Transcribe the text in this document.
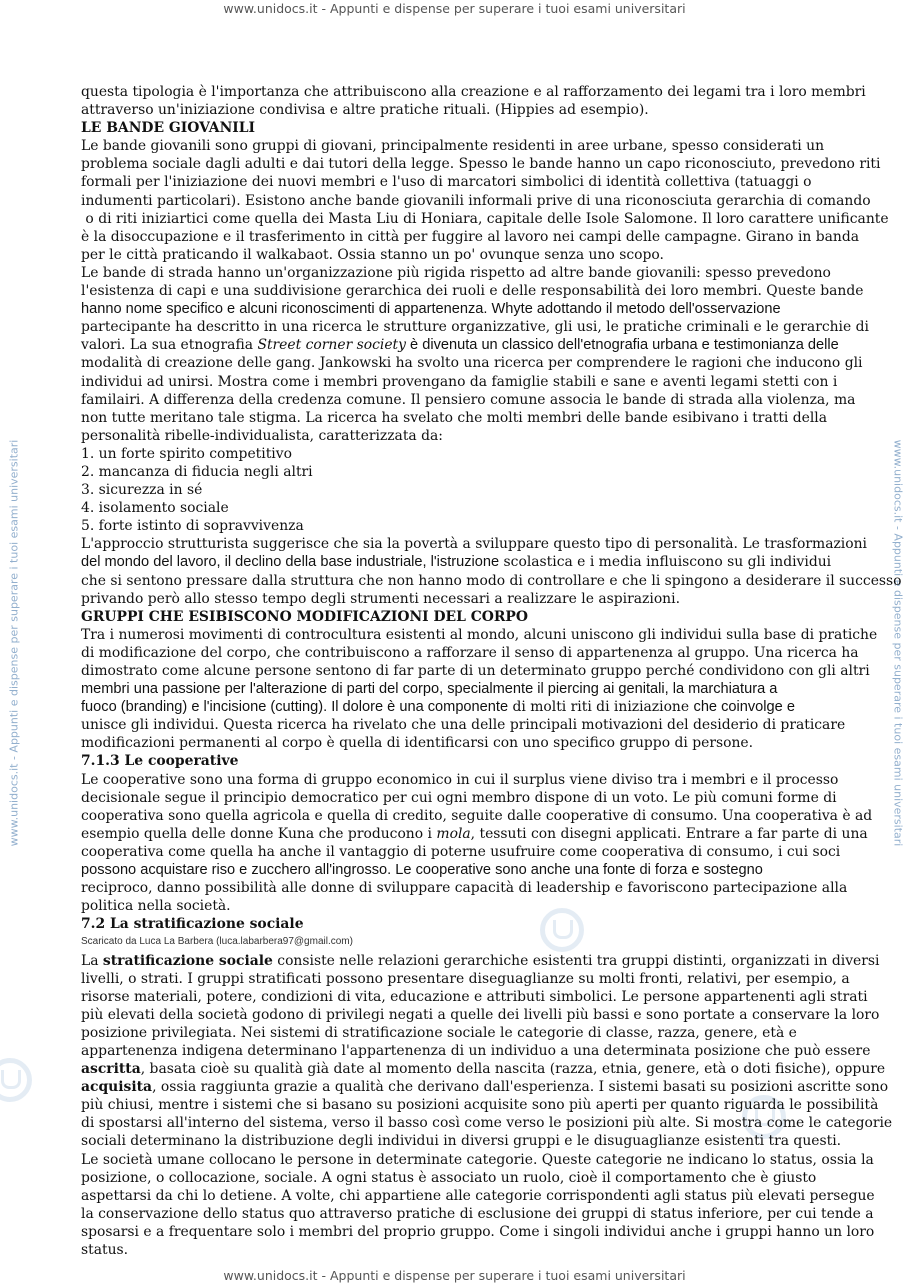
www.unidocs.it - Appunti e dispense per superare i tuoi esami universitari
www.unidocs.it - Appunti e dispense per superare i tuoi esami universitari	www.unidocs.it - Appunti e dispense per superare i tuoi esami universitari
questa tipologia è l'importanza che attribuiscono alla creazione e al rafforzamento dei legami tra i loro membri
attraverso un'iniziazione condivisa e altre pratiche rituali. (Hippies ad esempio).
LE BANDE GIOVANILI
Le bande giovanili sono gruppi di giovani, principalmente residenti in aree urbane, spesso considerati un
problema sociale dagli adulti e dai tutori della legge. Spesso le bande hanno un capo riconosciuto, prevedono riti
formali per l'iniziazione dei nuovi membri e l'uso di marcatori simbolici di identità collettiva (tatuaggi o
indumenti particolari). Esistono anche bande giovanili informali prive di una riconosciuta gerarchia di comando
o di riti iniziartici come quella dei Masta Liu di Honiara, capitale delle Isole Salomone. Il loro carattere unificante
è la disoccupazione e il trasferimento in città per fuggire al lavoro nei campi delle campagne. Girano in banda
per le città praticando il walkabaot. Ossia stanno un po' ovunque senza uno scopo.
Le bande di strada hanno un'organizzazione più rigida rispetto ad altre bande giovanili: spesso prevedono
l'esistenza di capi e una suddivisione gerarchica dei ruoli e delle responsabilità dei loro membri. Queste bande
hanno nome specifico e alcuni riconoscimenti di appartenenza. Whyte adottando il metodo dell'osservazione
partecipante ha descritto in una ricerca le strutture organizzative, gli usi, le pratiche criminali e le gerarchie di
valori. La sua etnografia Street corner society è divenuta un classico dell'etnografia urbana e testimonianza delle
modalità di creazione delle gang. Jankowski ha svolto una ricerca per comprendere le ragioni che inducono gli
individui ad unirsi. Mostra come i membri provengano da famiglie stabili e sane e aventi legami stetti con i
familairi. A differenza della credenza comune. Il pensiero comune associa le bande di strada alla violenza, ma
non tutte meritano tale stigma. La ricerca ha svelato che molti membri delle bande esibivano i tratti della
personalità ribelle-individualista, caratterizzata da:
1. un forte spirito competitivo
2. mancanza di fiducia negli altri
3. sicurezza in sé
4. isolamento sociale
5. forte istinto di sopravvivenza
L'approccio strutturista suggerisce che sia la povertà a sviluppare questo tipo di personalità. Le trasformazioni
del mondo del lavoro, il declino della base industriale, l'istruzione scolastica e i media influiscono su gli individui
che si sentono pressare dalla struttura che non hanno modo di controllare e che li spingono a desiderare il successo
privando però allo stesso tempo degli strumenti necessari a realizzare le aspirazioni.
GRUPPI CHE ESIBISCONO MODIFICAZIONI DEL CORPO
Tra i numerosi movimenti di controcultura esistenti al mondo, alcuni uniscono gli individui sulla base di pratiche
di modificazione del corpo, che contribuiscono a rafforzare il senso di appartenenza al gruppo. Una ricerca ha
dimostrato come alcune persone sentono di far parte di un determinato gruppo perché condividono con gli altri
membri una passione per l'alterazione di parti del corpo, specialmente il piercing ai genitali, la marchiatura a
fuoco (branding) e l'incisione (cutting). Il dolore è una componente di molti riti di iniziazione che coinvolge e
unisce gli individui. Questa ricerca ha rivelato che una delle principali motivazioni del desiderio di praticare
modificazioni permanenti al corpo è quella di identificarsi con uno specifico gruppo di persone.
7.1.3 Le cooperative
Le cooperative sono una forma di gruppo economico in cui il surplus viene diviso tra i membri e il processo
decisionale segue il principio democratico per cui ogni membro dispone di un voto. Le più comuni forme di
cooperativa sono quella agricola e quella di credito, seguite dalle cooperative di consumo. Una cooperativa è ad
esempio quella delle donne Kuna che producono i mola, tessuti con disegni applicati. Entrare a far parte di una
cooperativa come quella ha anche il vantaggio di poterne usufruire come cooperativa di consumo, i cui soci
possono acquistare riso e zucchero all'ingrosso. Le cooperative sono anche una fonte di forza e sostegno
reciproco, danno possibilità alle donne di sviluppare capacità di leadership e favoriscono partecipazione alla
politica nella società.
7.2 La stratificazione sociale
Scaricato da Luca La Barbera (luca.labarbera97@gmail.com)
La stratificazione sociale consiste nelle relazioni gerarchiche esistenti tra gruppi distinti, organizzati in diversi
livelli, o strati. I gruppi stratificati possono presentare diseguaglianze su molti fronti, relativi, per esempio, a
risorse materiali, potere, condizioni di vita, educazione e attributi simbolici. Le persone appartenenti agli strati
più elevati della società godono di privilegi negati a quelle dei livelli più bassi e sono portate a conservare la loro
posizione privilegiata. Nei sistemi di stratificazione sociale le categorie di classe, razza, genere, età e
appartenenza indigena determinano l'appartenenza di un individuo a una determinata posizione che può essere
ascritta, basata cioè su qualità già date al momento della nascita (razza, etnia, genere, età o doti fisiche), oppure
acquisita, ossia raggiunta grazie a qualità che derivano dall'esperienza. I sistemi basati su posizioni ascritte sono
più chiusi, mentre i sistemi che si basano su posizioni acquisite sono più aperti per quanto riguarda le possibilità
di spostarsi all'interno del sistema, verso il basso così come verso le posizioni più alte. Si mostra come le categorie
sociali determinano la distribuzione degli individui in diversi gruppi e le disuguaglianze esistenti tra questi.
Le società umane collocano le persone in determinate categorie. Queste categorie ne indicano lo status, ossia la
posizione, o collocazione, sociale. A ogni status è associato un ruolo, cioè il comportamento che è giusto
aspettarsi da chi lo detiene. A volte, chi appartiene alle categorie corrispondenti agli status più elevati persegue
la conservazione dello status quo attraverso pratiche di esclusione dei gruppi di status inferiore, per cui tende a
sposarsi e a frequentare solo i membri del proprio gruppo. Come i singoli individui anche i gruppi hanno un loro
status.
www.unidocs.it - Appunti e dispense per superare i tuoi esami universitari
